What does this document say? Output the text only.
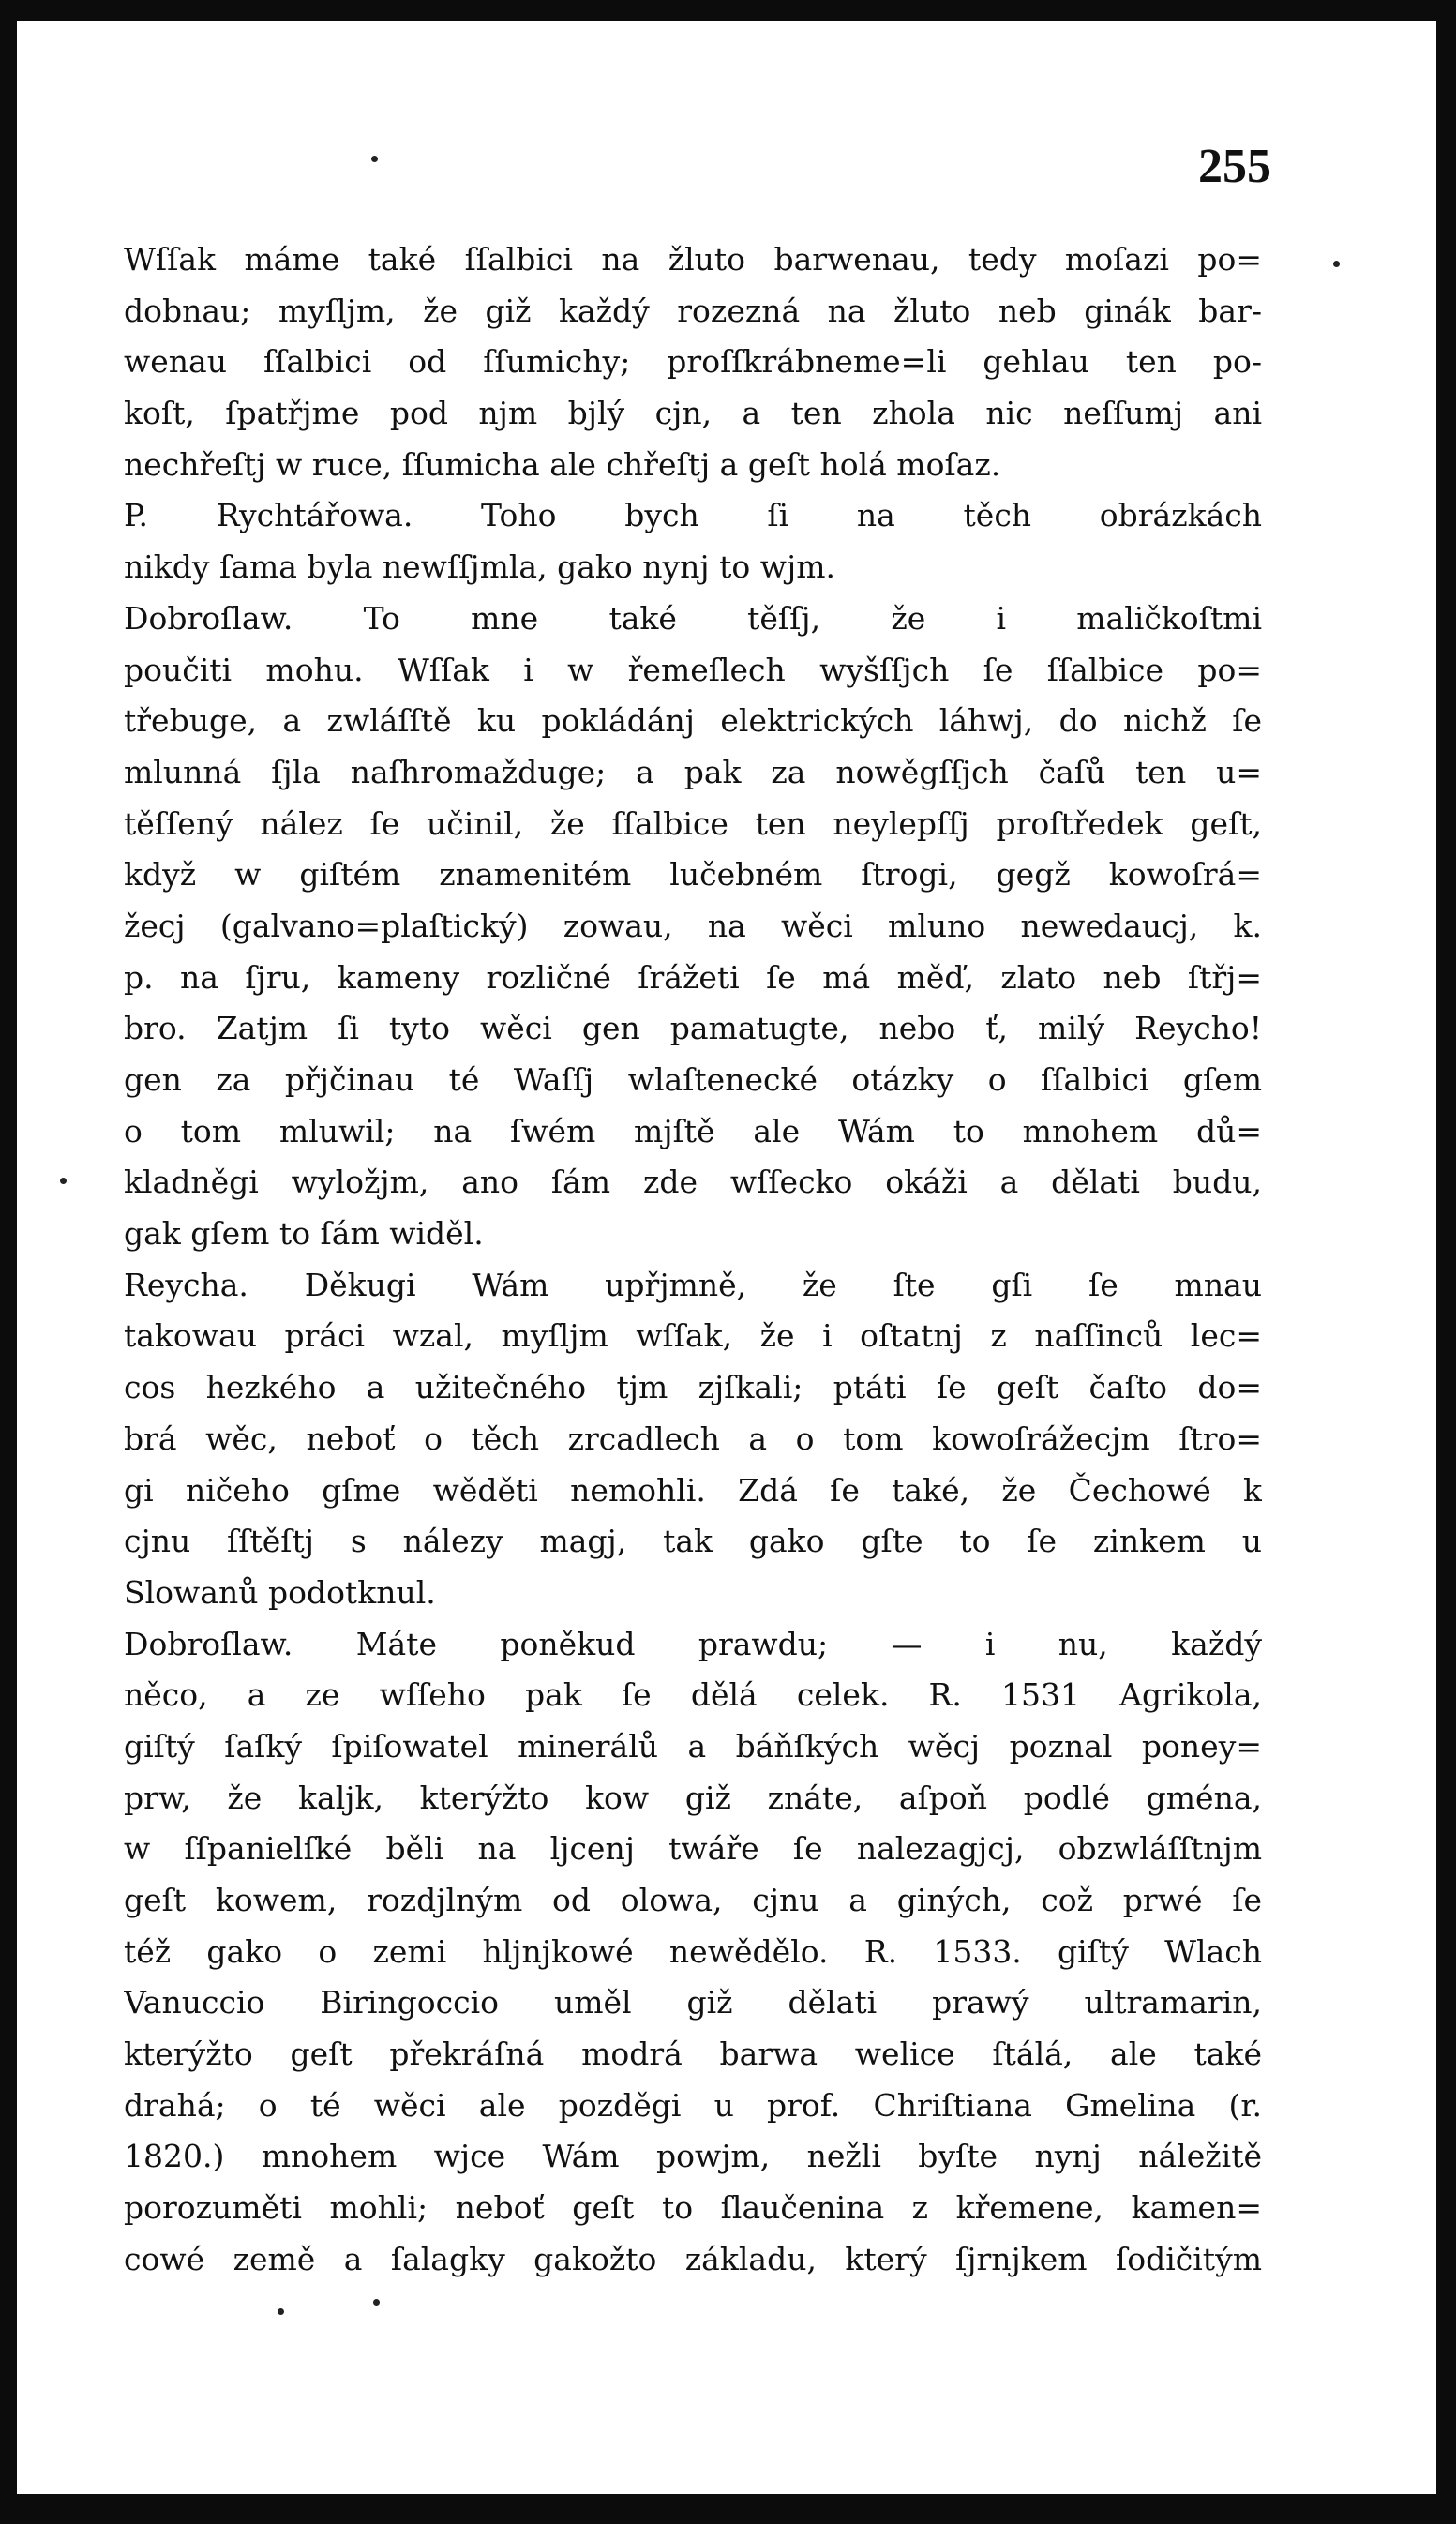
255
Wſſak máme také ſſalbici na žluto barwenau, tedy moſazi po=
dobnau; myſljm, že giž každý rozezná na žluto neb ginák bar-
wenau ſſalbici od ſſumichy; proſſkrábneme=li gehlau ten po-
koſt, ſpatřjme pod njm bjlý cjn, a ten zhola nic neſſumj ani
nechřeſtj w ruce, ſſumicha ale chřeſtj a geſt holá moſaz.
P. Rychtářowa. Toho bych ſi na těch obrázkách
nikdy ſama byla newſſjmla, gako nynj to wjm.
Dobroſlaw. To mne také těſſj, že i maličkoſtmi
poučiti mohu. Wſſak i w řemeſlech wyšſſjch ſe ſſalbice po=
třebuge, a zwláſſtě ku pokládánj elektrických láhwj, do nichž ſe
mlunná ſjla naſhromažduge; a pak za nowěgſſjch čaſů ten u=
těſſený nález ſe učinil, že ſſalbice ten neylepſſj proſtředek geſt,
když w giſtém znamenitém lučebném ſtrogi, gegž kowoſrá=
žecj (galvano=plaſtický) zowau, na wěci mluno newedaucj, k.
p. na ſjru, kameny rozličné ſrážeti ſe má měď, zlato neb ſtřj=
bro. Zatjm ſi tyto wěci gen pamatugte, nebo ť, milý Reycho!
gen za přjčinau té Waſſj wlaſtenecké otázky o ſſalbici gſem
o tom mluwil; na ſwém mjſtě ale Wám to mnohem dů=
kladněgi wyložjm, ano ſám zde wſſecko okáži a dělati budu,
gak gſem to ſám widěl.
Reycha. Děkugi Wám upřjmně, že ſte gſi ſe mnau
takowau práci wzal, myſljm wſſak, že i oſtatnj z naſſinců lec=
cos hezkého a užitečného tjm zjſkali; ptáti ſe geſt čaſto do=
brá wěc, neboť o těch zrcadlech a o tom kowoſrážecjm ſtro=
gi ničeho gſme wěděti nemohli. Zdá ſe také, že Čechowé k
cjnu ſſtěſtj s nálezy magj, tak gako gſte to ſe zinkem u
Slowanů podotknul.
Dobroſlaw. Máte poněkud prawdu; — i nu, každý
něco, a ze wſſeho pak ſe dělá celek. R. 1531 Agrikola,
giſtý ſaſký ſpiſowatel minerálů a báňſkých wěcj poznal poney=
prw, že kaljk, kterýžto kow giž znáte, aſpoň podlé gména,
w ſſpanielſké běli na ljcenj twáře ſe nalezagjcj, obzwláſſtnjm
geſt kowem, rozdjlným od olowa, cjnu a giných, což prwé ſe
též gako o zemi hljnjkowé newědělo. R. 1533. giſtý Wlach
Vanuccio Biringoccio uměl giž dělati prawý ultramarin,
kterýžto geſt překráſná modrá barwa welice ſtálá, ale také
drahá; o té wěci ale pozděgi u prof. Chriſtiana Gmelina (r.
1820.) mnohem wjce Wám powjm, nežli byſte nynj náležitě
porozuměti mohli; neboť geſt to ſlaučenina z křemene, kamen=
cowé země a ſalagky gakožto základu, který ſjrnjkem ſodičitým
